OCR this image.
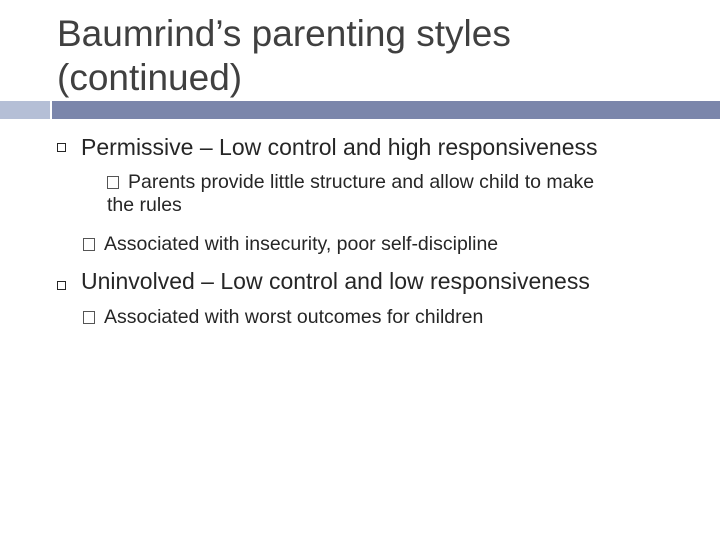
Baumrind’s parenting styles
(continued)
Permissive – Low control and high responsiveness
Parents provide little structure and allow child to make
the rules
Associated with insecurity, poor self-discipline
Uninvolved – Low control and low responsiveness
Associated with worst outcomes for children
